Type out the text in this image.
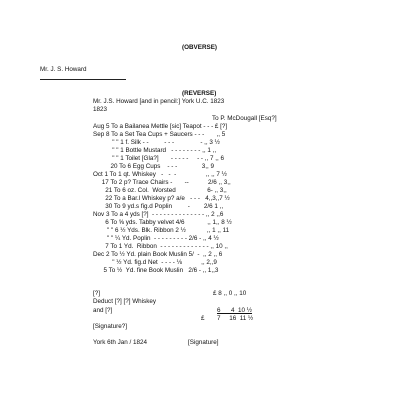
(OBVERSE)
Mr. J. S. Howard
(REVERSE)
Mr. J.S. Howard [and in pencil:] York U.C. 1823
1823
To P. McDougall [Esq?]
Aug 5 To a Bailanea Mettle [sic] Teapot - - - £ [?]
Sep 8 To a Set Tea Cups + Saucers - - -       ,, 5
" " 1 f. Silk - -         - - -               - ,, 3 ½
" " 1 Bottle Mustard   - - - - - - - - ,, 1 ,,
" " 1 Toilet [Gla?]       - - - - -     - - ,, 7 ,, 6
20 To 6 Egg Cups    - - -              3,, 9
Oct 1 To 1 qt. Whiskey   -   -  -                 ,, ,, 7 ½
17 To 2 p? Trace Chairs -       --           2/6 ,, 3,,
21 To 6 oz. Col.  Worsted                  6- ,, 3,,
22 To a Bar.l Whiskey p? a/e   - - -   4,,3,,7 ½
30 To 9 yd.s fig.d Poplin         -        2/6 1 ,,
Nov 3 To a 4 yds [?]  - - - - - - - - - - - - - - ,, 2 ,,6
6 To ⅝ yds. Tabby velvet 4/6             ,, 1,, 8 ½
" " 6 ½ Yds. Blk. Ribbon 2 ½            ,, 1 ,, 11
" " ¼ Yd. Poplin  - - - - - - - - - 2/6 - ,, 4 ½
7 To 1 Yd.  Ribbon  - - - - - - - - - - - - - ,, 10 ,,
Dec 2 To ½ Yd. plain Book Muslin 5/  -  ,, 2 ,, 6
" ½ Yd. fig.d Net  - - - - ⅛           ,, 2,,9
5 To ½  Yd. fine Book Muslin   2/6 - ,, 1,,3
[?]	£ 8 ,, 0 ,, 10
Deduct [?] [?] Whiskey
and [?]	6      4  10 ½
£ 7     16  11 ½
[Signature?]
York 6th Jan / 1824	[Signature]
